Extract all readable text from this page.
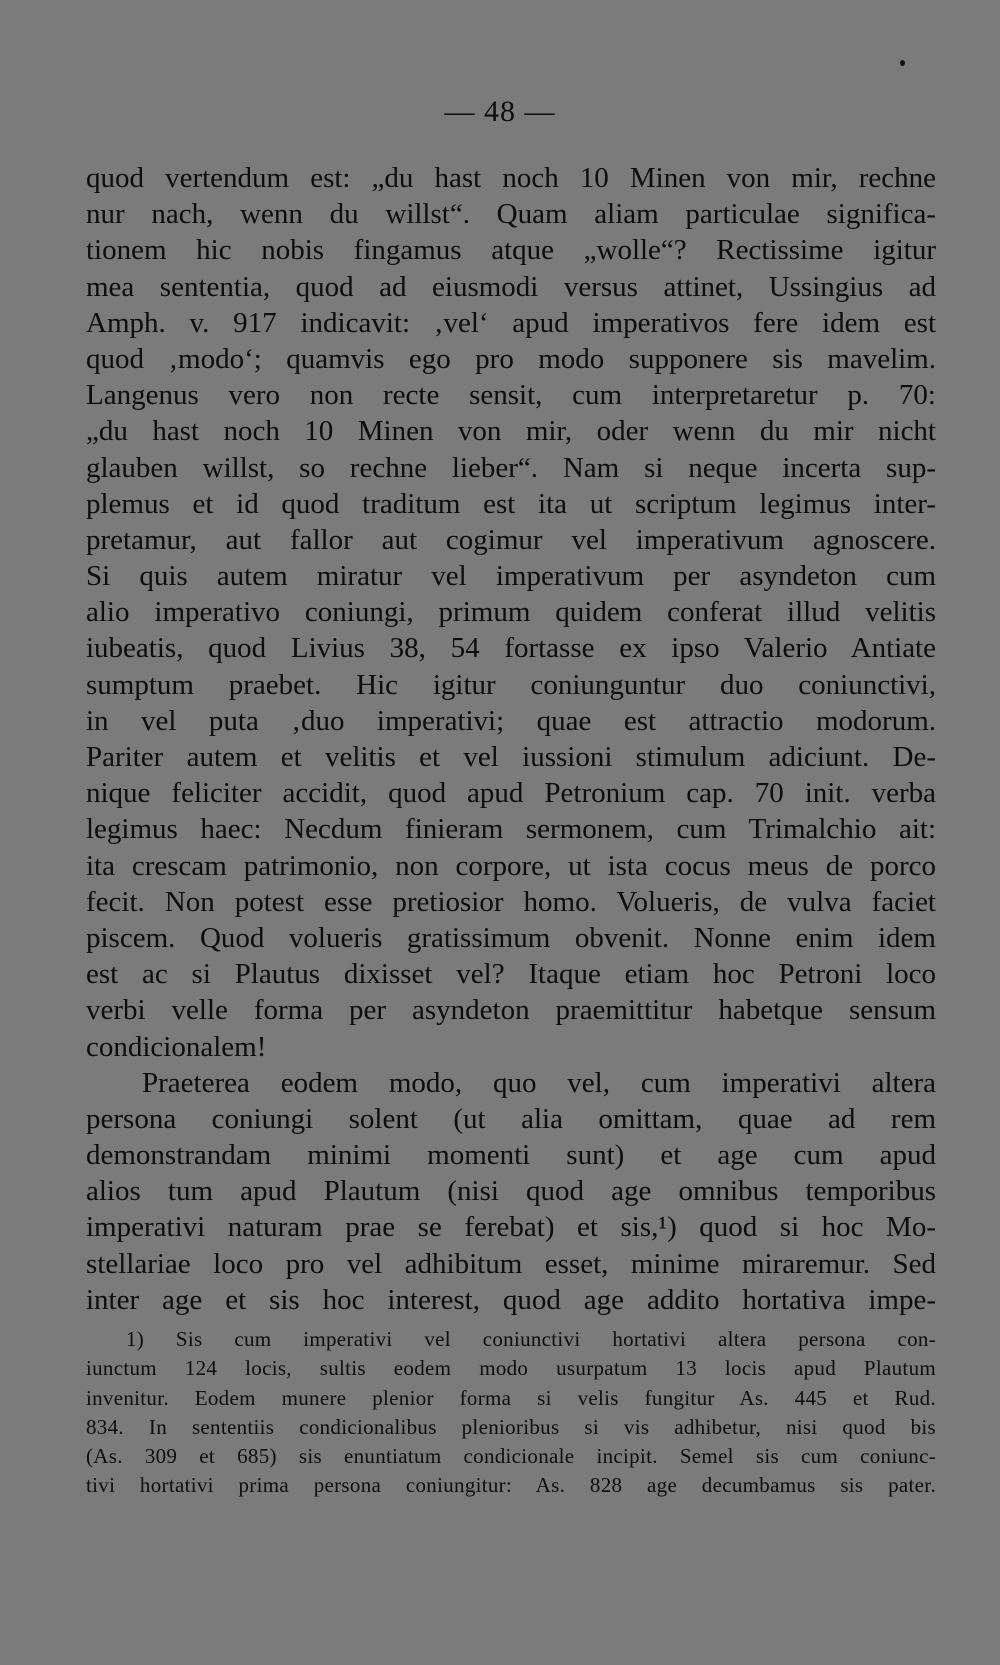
— 48 —
quod vertendum est: „du hast noch 10 Minen von mir, rechne
nur nach, wenn du willst“. Quam aliam particulae significa-
tionem hic nobis fingamus atque „wolle“? Rectissime igitur
mea sententia, quod ad eiusmodi versus attinet, Ussingius ad
Amph. v. 917 indicavit: ‚vel‘ apud imperativos fere idem est
quod ‚modo‘; quamvis ego pro modo supponere sis mavelim.
Langenus vero non recte sensit, cum interpretaretur p. 70:
„du hast noch 10 Minen von mir, oder wenn du mir nicht
glauben willst, so rechne lieber“. Nam si neque incerta sup-
plemus et id quod traditum est ita ut scriptum legimus inter-
pretamur, aut fallor aut cogimur vel imperativum agnoscere.
Si quis autem miratur vel imperativum per asyndeton cum
alio imperativo coniungi, primum quidem conferat illud velitis
iubeatis, quod Livius 38, 54 fortasse ex ipso Valerio Antiate
sumptum praebet. Hic igitur coniunguntur duo coniunctivi,
in vel puta ‚duo imperativi; quae est attractio modorum.
Pariter autem et velitis et vel iussioni stimulum adiciunt. De-
nique feliciter accidit, quod apud Petronium cap. 70 init. verba
legimus haec: Necdum finieram sermonem, cum Trimalchio ait:
ita crescam patrimonio, non corpore, ut ista cocus meus de porco
fecit. Non potest esse pretiosior homo. Volueris, de vulva faciet
piscem. Quod volueris gratissimum obvenit. Nonne enim idem
est ac si Plautus dixisset vel? Itaque etiam hoc Petroni loco
verbi velle forma per asyndeton praemittitur habetque sensum
condicionalem!
Praeterea eodem modo, quo vel, cum imperativi altera
persona coniungi solent (ut alia omittam, quae ad rem
demonstrandam minimi momenti sunt) et age cum apud
alios tum apud Plautum (nisi quod age omnibus temporibus
imperativi naturam prae se ferebat) et sis,¹) quod si hoc Mo-
stellariae loco pro vel adhibitum esset, minime miraremur. Sed
inter age et sis hoc interest, quod age addito hortativa impe-
1) Sis cum imperativi vel coniunctivi hortativi altera persona con-
iunctum 124 locis, sultis eodem modo usurpatum 13 locis apud Plautum
invenitur. Eodem munere plenior forma si velis fungitur As. 445 et Rud.
834. In sententiis condicionalibus plenioribus si vis adhibetur, nisi quod bis
(As. 309 et 685) sis enuntiatum condicionale incipit. Semel sis cum coniunc-
tivi hortativi prima persona coniungitur: As. 828 age decumbamus sis pater.
